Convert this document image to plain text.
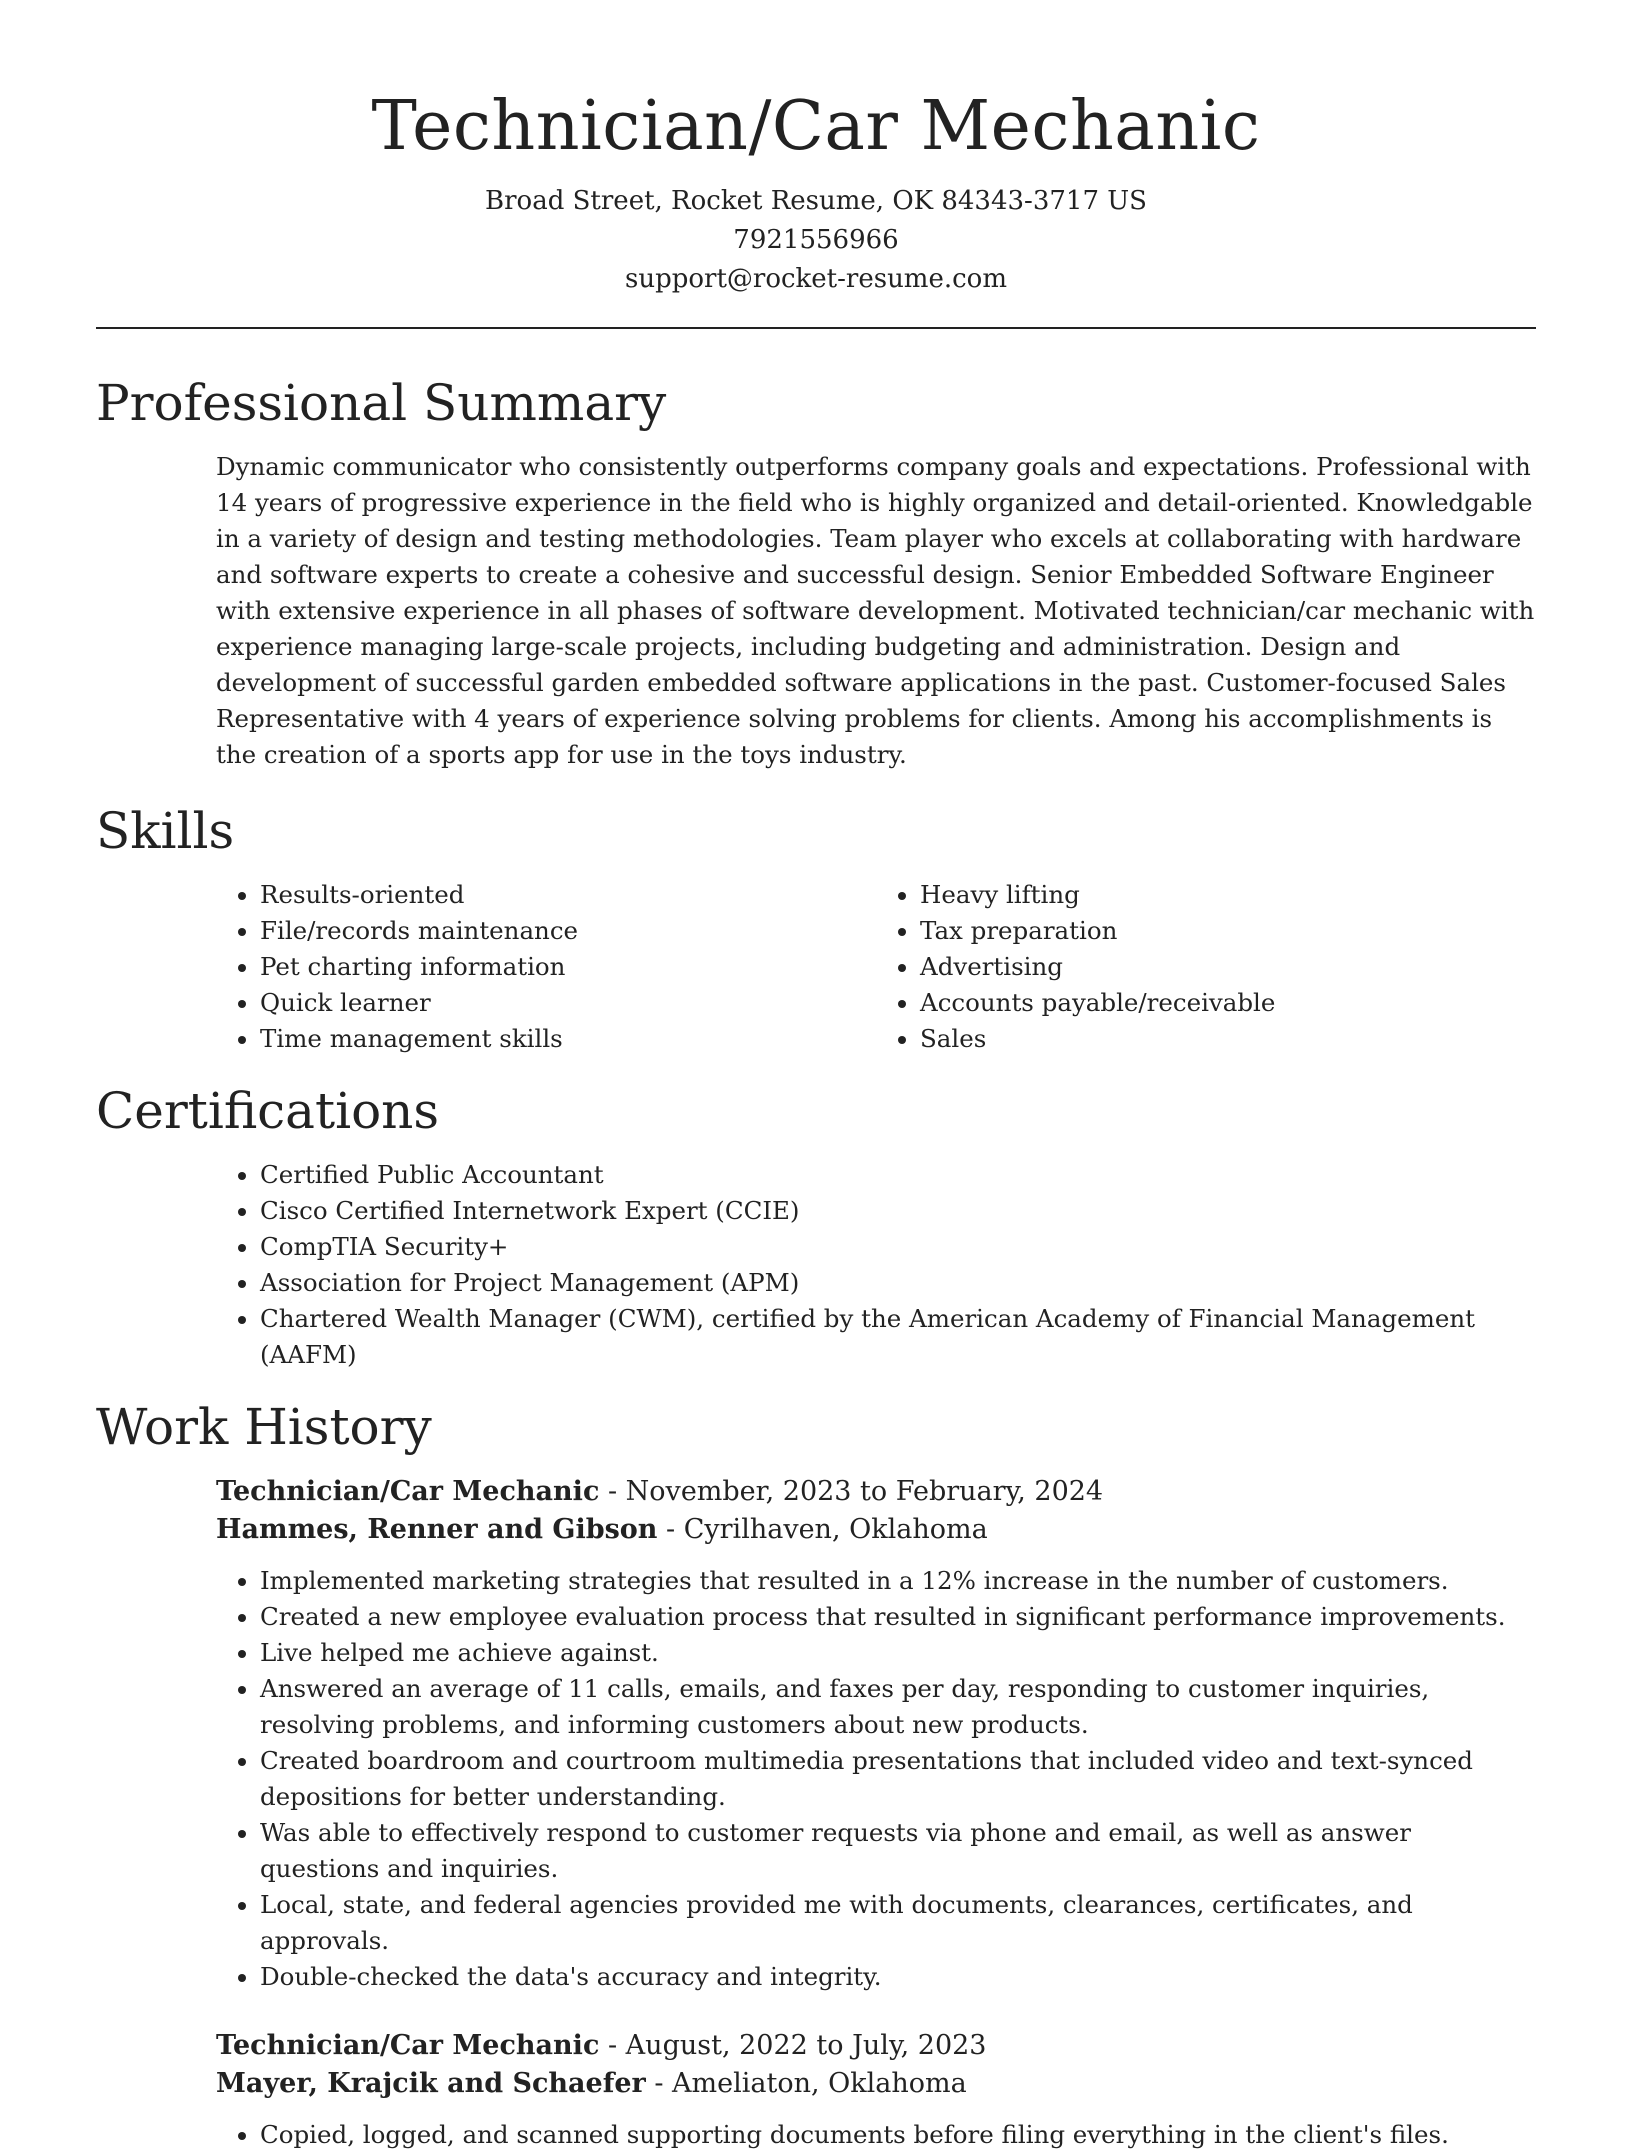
Technician/Car Mechanic
Broad Street, Rocket Resume, OK 84343-3717 US
7921556966
support@rocket-resume.com
Professional Summary

Dynamic communicator who consistently outperforms company goals and expectations. Professional with 14 years of progressive experience in the field who is highly organized and detail-oriented. Knowledgable in a variety of design and testing methodologies. Team player who excels at collaborating with hardware and software experts to create a cohesive and successful design. Senior Embedded Software Engineer with extensive experience in all phases of software development. Motivated technician/car mechanic with experience managing large-scale projects, including budgeting and administration. Design and development of successful garden embedded software applications in the past. Customer-focused Sales Representative with 4 years of experience solving problems for clients. Among his accomplishments is the creation of a sports app for use in the toys industry.

Skills
• Results-oriented
• File/records maintenance
• Pet charting information
• Quick learner
• Time management skills
• Heavy lifting
• Tax preparation
• Advertising
• Accounts payable/receivable
• Sales
Certifications
• Certified Public Accountant
• Cisco Certified Internetwork Expert (CCIE)
• CompTIA Security+
• Association for Project Management (APM)
• Chartered Wealth Manager (CWM), certified by the American Academy of Financial Management (AAFM)
Work History
Technician/Car Mechanic - November, 2023 to February, 2024
Hammes, Renner and Gibson - Cyrilhaven, Oklahoma
• Implemented marketing strategies that resulted in a 12% increase in the number of customers.
• Created a new employee evaluation process that resulted in significant performance improvements.
• Live helped me achieve against.
• Answered an average of 11 calls, emails, and faxes per day, responding to customer inquiries, resolving problems, and informing customers about new products.
• Created boardroom and courtroom multimedia presentations that included video and text-synced depositions for better understanding.
• Was able to effectively respond to customer requests via phone and email, as well as answer questions and inquiries.
• Local, state, and federal agencies provided me with documents, clearances, certificates, and approvals.
• Double-checked the data's accuracy and integrity.
Technician/Car Mechanic - August, 2022 to July, 2023
Mayer, Krajcik and Schaefer - Ameliaton, Oklahoma
• Copied, logged, and scanned supporting documents before filing everything in the client's files.
